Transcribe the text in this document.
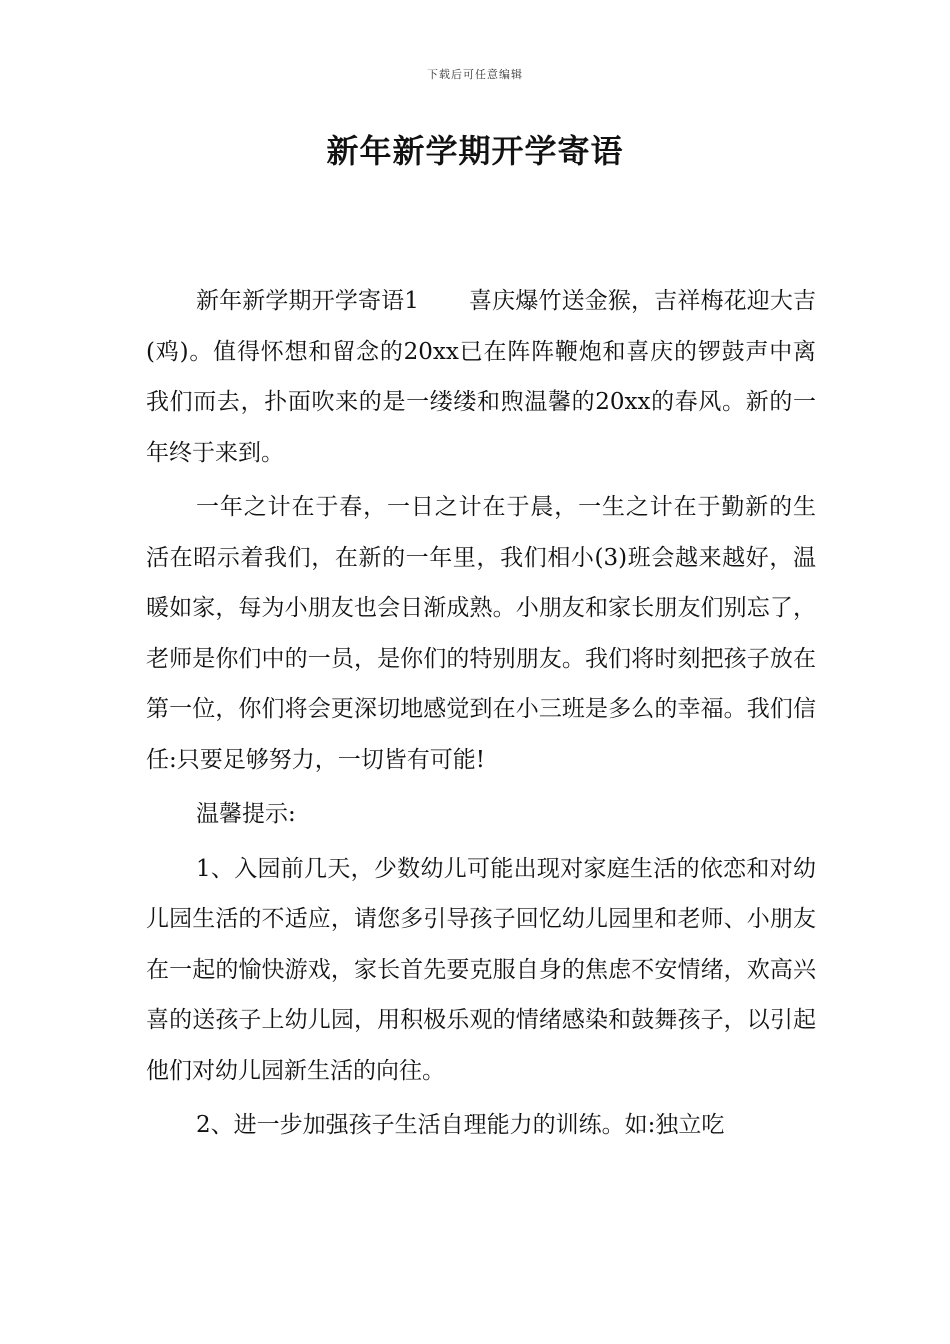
下载后可任意编辑
新年新学期开学寄语

新年新学期开学寄语1 喜庆爆竹送金猴，吉祥梅花迎大吉(鸡)。值得怀想和留念的20xx已在阵阵鞭炮和喜庆的锣鼓声中离我们而去，扑面吹来的是一缕缕和煦温馨的20xx的春风。新的一年终于来到。

一年之计在于春，一日之计在于晨，一生之计在于勤新的生活在昭示着我们，在新的一年里，我们相小(3)班会越来越好，温暖如家，每为小朋友也会日渐成熟。小朋友和家长朋友们别忘了，老师是你们中的一员，是你们的特别朋友。我们将时刻把孩子放在第一位，你们将会更深切地感觉到在小三班是多么的幸福。我们信任:只要足够努力，一切皆有可能!

温馨提示:

1、入园前几天，少数幼儿可能出现对家庭生活的依恋和对幼儿园生活的不适应，请您多引导孩子回忆幼儿园里和老师、小朋友在一起的愉快游戏，家长首先要克服自身的焦虑不安情绪，欢高兴喜的送孩子上幼儿园，用积极乐观的情绪感染和鼓舞孩子，以引起他们对幼儿园新生活的向往。

2、进一步加强孩子生活自理能力的训练。如:独立吃
